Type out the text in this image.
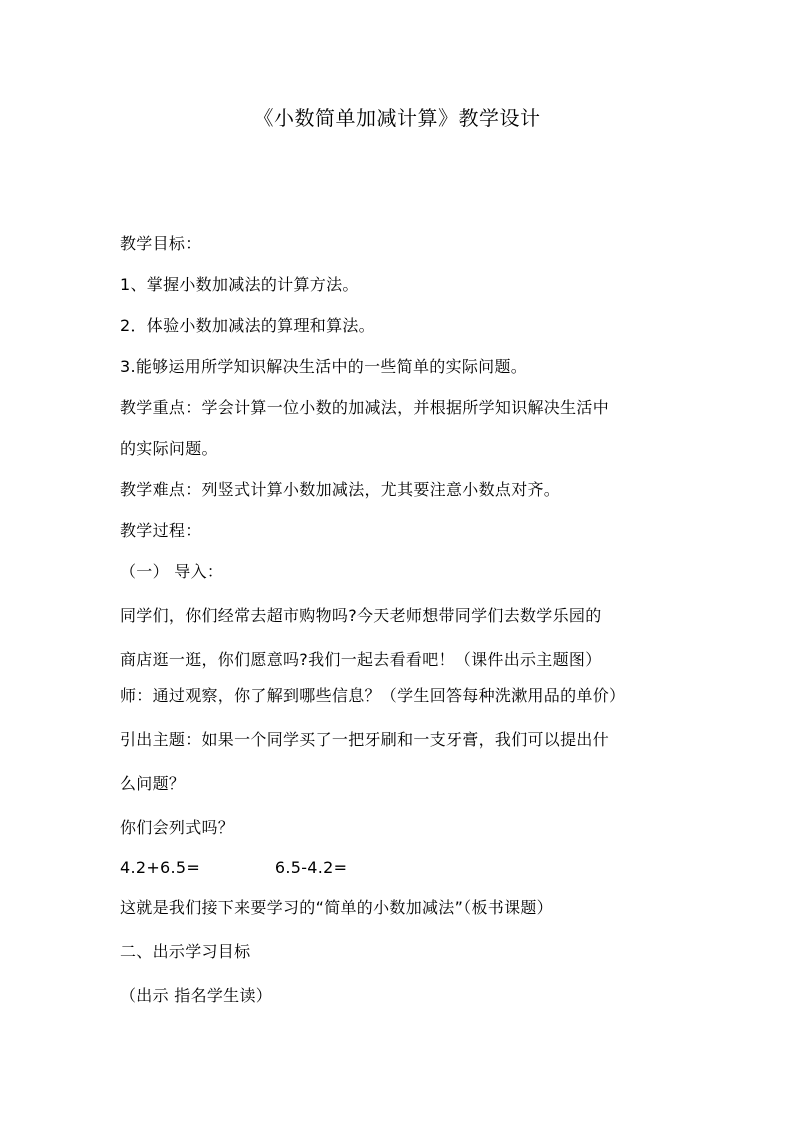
《小数简单加减计算》教学设计
教学目标：
1、掌握小数加减法的计算方法。
2．体验小数加减法的算理和算法。
3.能够运用所学知识解决生活中的一些简单的实际问题。
教学重点：学会计算一位小数的加减法，并根据所学知识解决生活中
的实际问题。
教学难点：列竖式计算小数加减法，尤其要注意小数点对齐。
教学过程：
（一） 导入：
同学们，你们经常去超市购物吗?今天老师想带同学们去数学乐园的
商店逛一逛，你们愿意吗?我们一起去看看吧！（课件出示主题图）
师：通过观察，你了解到哪些信息？（学生回答每种洗漱用品的单价）
引出主题：如果一个同学买了一把牙刷和一支牙膏，我们可以提出什
么问题？
你们会列式吗？
4.2+6.5=	6.5-4.2=
这就是我们接下来要学习的“简单的小数加减法”（板书课题）
二、出示学习目标
（出示 指名学生读）
